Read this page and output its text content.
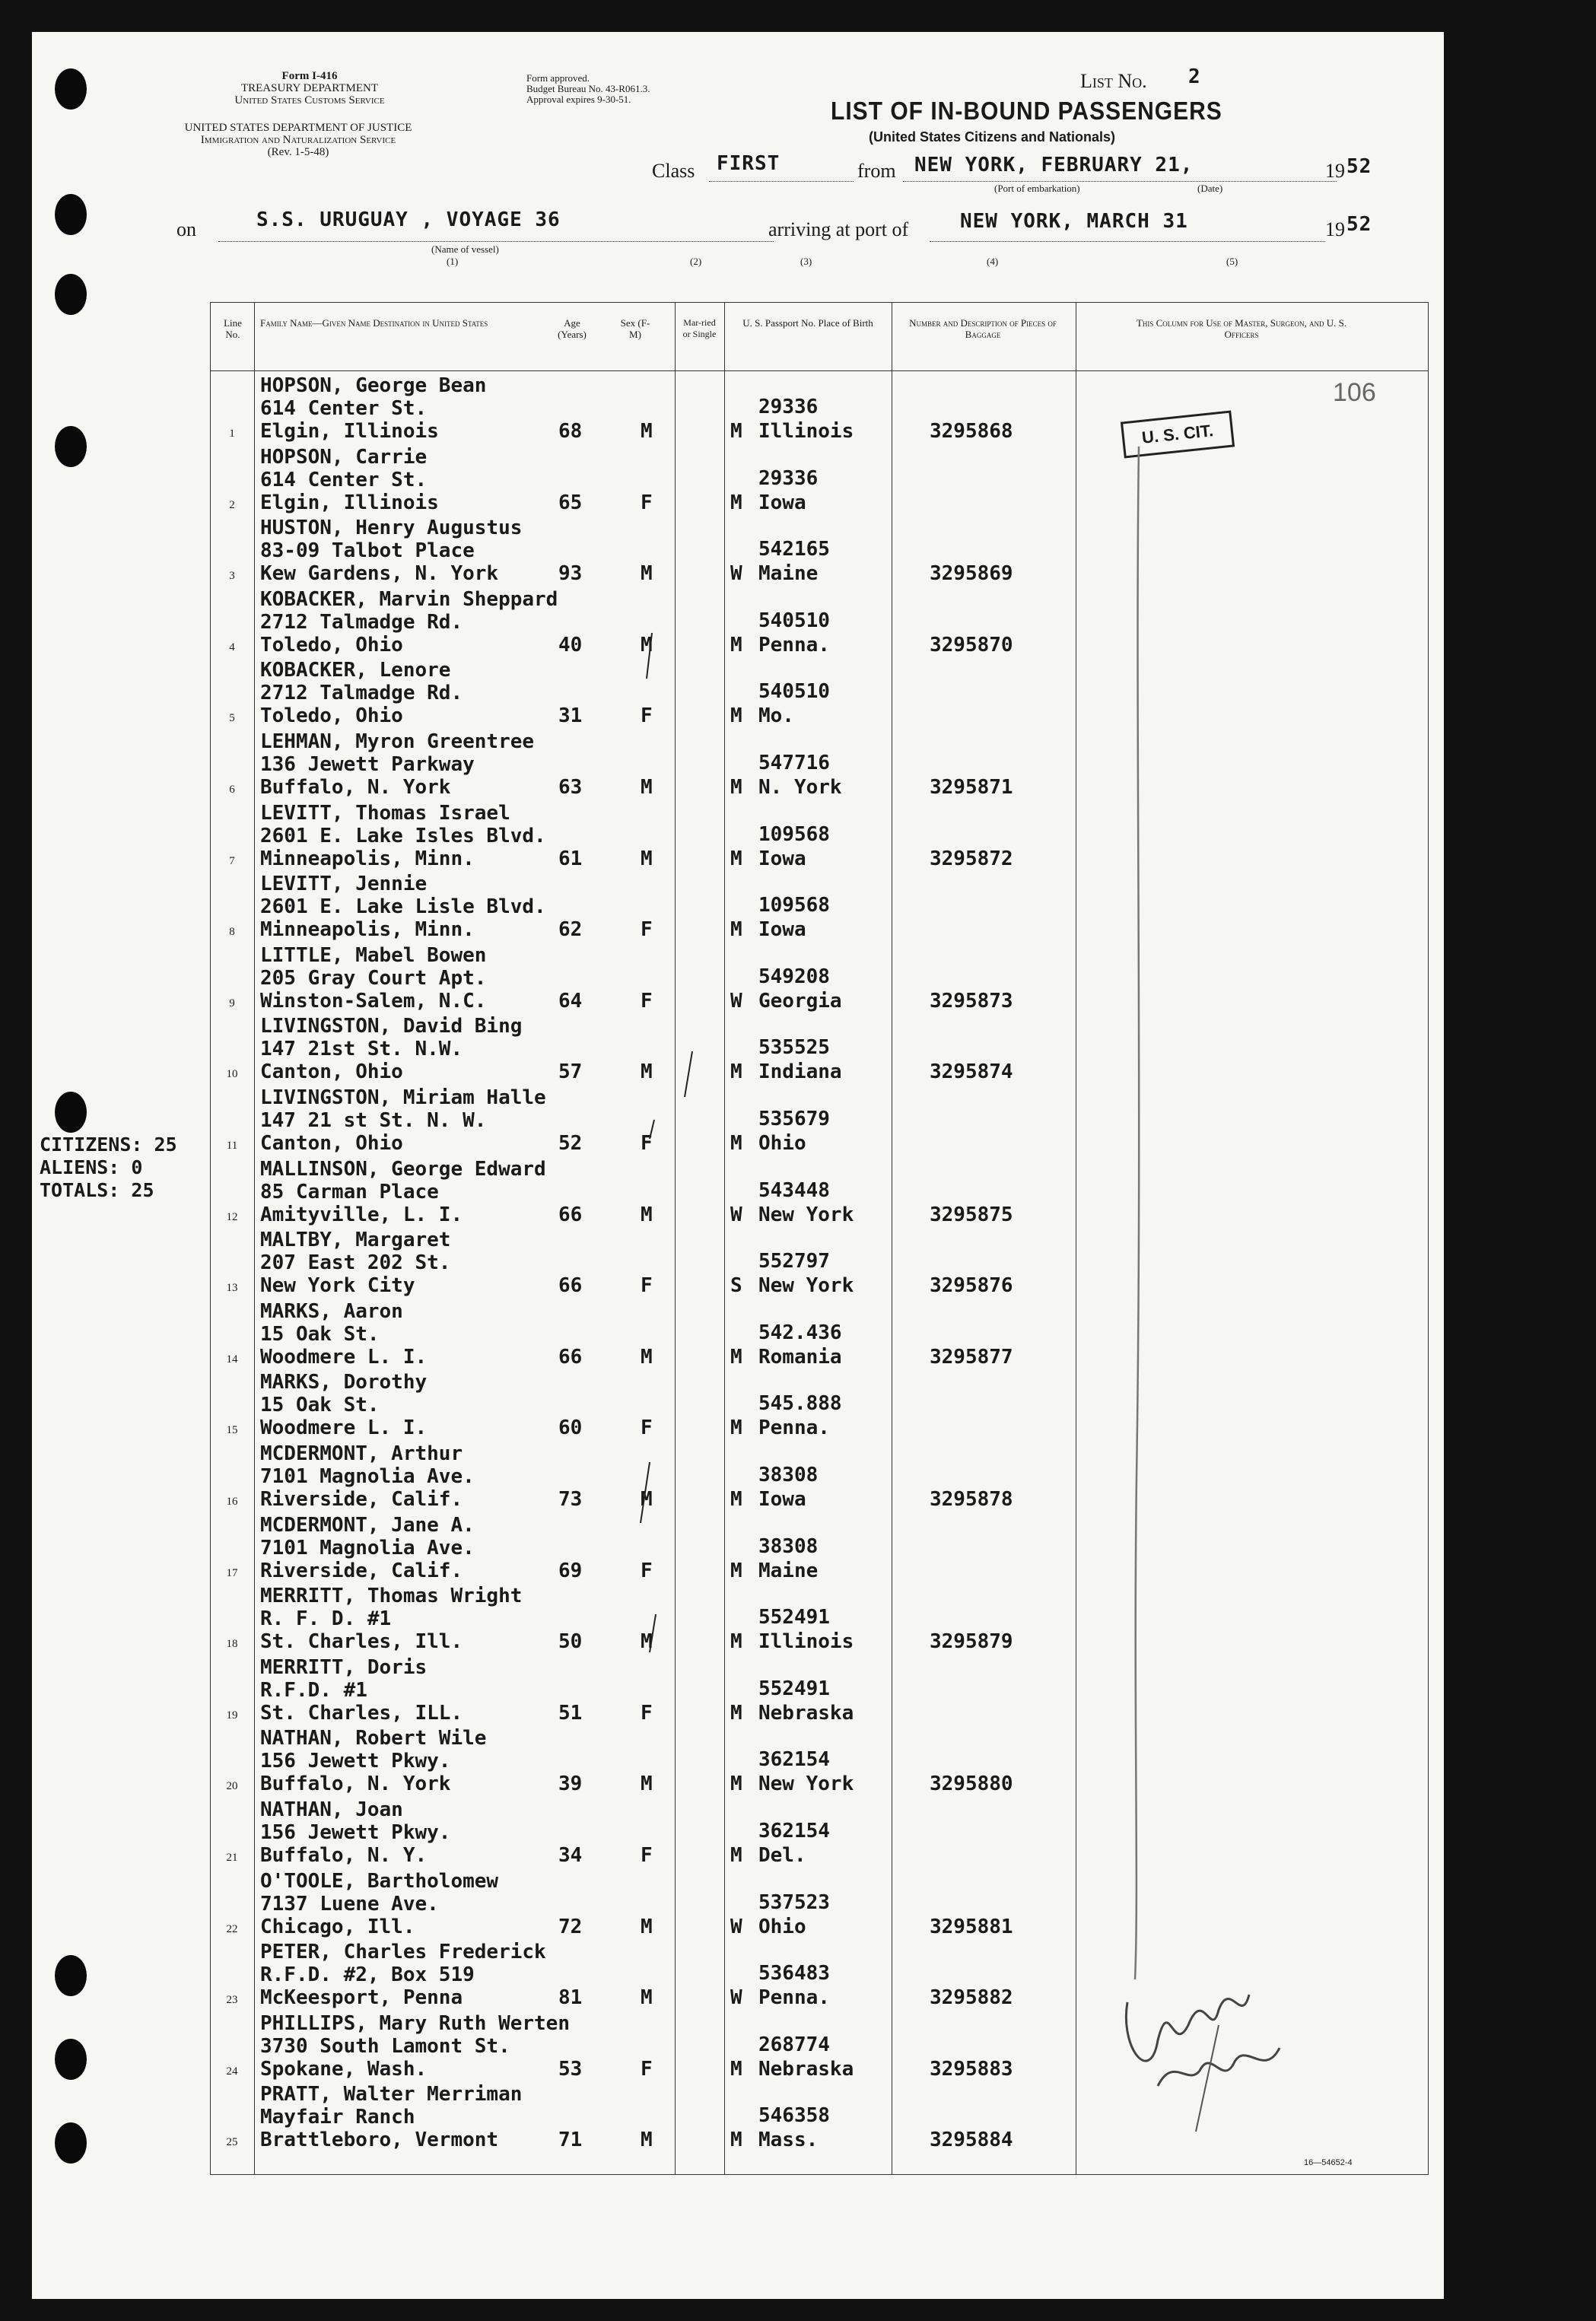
Form I-416
TREASURY DEPARTMENT
United States Customs Service
UNITED STATES DEPARTMENT OF JUSTICE
Immigration and Naturalization Service
(Rev. 1-5-48)
Form approved.
Budget Bureau No. 43-R061.3.
Approval expires 9-30-51.
List No. 2
LIST OF IN-BOUND PASSENGERS
(United States Citizens and Nationals)
Class FIRST	from NEW YORK, FEBRUARY 21,
(Port of embarkation)	(Date)
19 52
on	S.S. URUGUAY , VOYAGE 36
(Name of vessel)
(1)
arriving at port of	NEW YORK, MARCH 31	19 52
(2)	(3)	(4)	(5)
Line No.
Family Name—Given Name Destination in United States	Age (Years)
Sex (F-M)
Mar-ried or Single
U. S. Passport No. Place of Birth	Number and Description of Pieces of Baggage
This Column for Use of Master, Surgeon, and U. S. Officers
1
HOPSON, George Bean
614 Center St.
Elgin, Illinois	68	M	M
29336
Illinois	3295868
2
HOPSON, Carrie
614 Center St.
Elgin, Illinois	65	F	M
29336
Iowa
3
HUSTON, Henry Augustus
83-09 Talbot Place
Kew Gardens, N. York	93	M	W
542165
Maine	3295869
4
KOBACKER, Marvin Sheppard
2712 Talmadge Rd.
Toledo, Ohio	40	M	M
540510
Penna.	3295870
5
KOBACKER, Lenore
2712 Talmadge Rd.
Toledo, Ohio	31	F	M
540510
Mo.
6
LEHMAN, Myron Greentree
136 Jewett Parkway
Buffalo, N. York	63	M	M
547716
N. York	3295871
7
LEVITT, Thomas Israel
2601 E. Lake Isles Blvd.
Minneapolis, Minn.	61	M	M
109568
Iowa	3295872
8
LEVITT, Jennie
2601 E. Lake Lisle Blvd.
Minneapolis, Minn.	62	F	M
109568
Iowa
9
LITTLE, Mabel Bowen
205 Gray Court Apt.
Winston-Salem, N.C.	64	F	W
549208
Georgia	3295873
10
LIVINGSTON, David Bing
147 21st St. N.W.
Canton, Ohio	57	M	M
535525
Indiana	3295874
11
LIVINGSTON, Miriam Halle
147 21 st St. N. W.
Canton, Ohio	52	F	M
535679
Ohio
12
MALLINSON, George Edward
85 Carman Place
Amityville, L. I.	66	M	W
543448
New York	3295875
13
MALTBY, Margaret
207 East 202 St.
New York City	66	F	S
552797
New York	3295876
14
MARKS, Aaron
15 Oak St.
Woodmere L. I.	66	M	M
542.436
Romania	3295877
15
MARKS, Dorothy
15 Oak St.
Woodmere L. I.	60	F	M
545.888
Penna.
16
MCDERMONT, Arthur
7101 Magnolia Ave.
Riverside, Calif.	73	M	M
38308
Iowa	3295878
17
MCDERMONT, Jane A.
7101 Magnolia Ave.
Riverside, Calif.	69	F	M
38308
Maine
18
MERRITT, Thomas Wright
R. F. D. #1
St. Charles, Ill.	50	M	M
552491
Illinois	3295879
19
MERRITT, Doris
R.F.D. #1
St. Charles, ILL.	51	F	M
552491
Nebraska
20
NATHAN, Robert Wile
156 Jewett Pkwy.
Buffalo, N. York	39	M	M
362154
New York	3295880
21
NATHAN, Joan
156 Jewett Pkwy.
Buffalo, N. Y.	34	F	M
362154
Del.
22
O'TOOLE, Bartholomew
7137 Luene Ave.
Chicago, Ill.	72	M	W
537523
Ohio	3295881
23
PETER, Charles Frederick
R.F.D. #2, Box 519
McKeesport, Penna	81	M	W
536483
Penna.	3295882
24
PHILLIPS, Mary Ruth Werten
3730 South Lamont St.
Spokane, Wash.	53	F	M
268774
Nebraska	3295883
25
PRATT, Walter Merriman
Mayfair Ranch
Brattleboro, Vermont	71	M	M
546358
Mass.	3295884
U. S. CIT.
106
16—54652-4
CITIZENS: 25
ALIENS: 0
TOTALS: 25
